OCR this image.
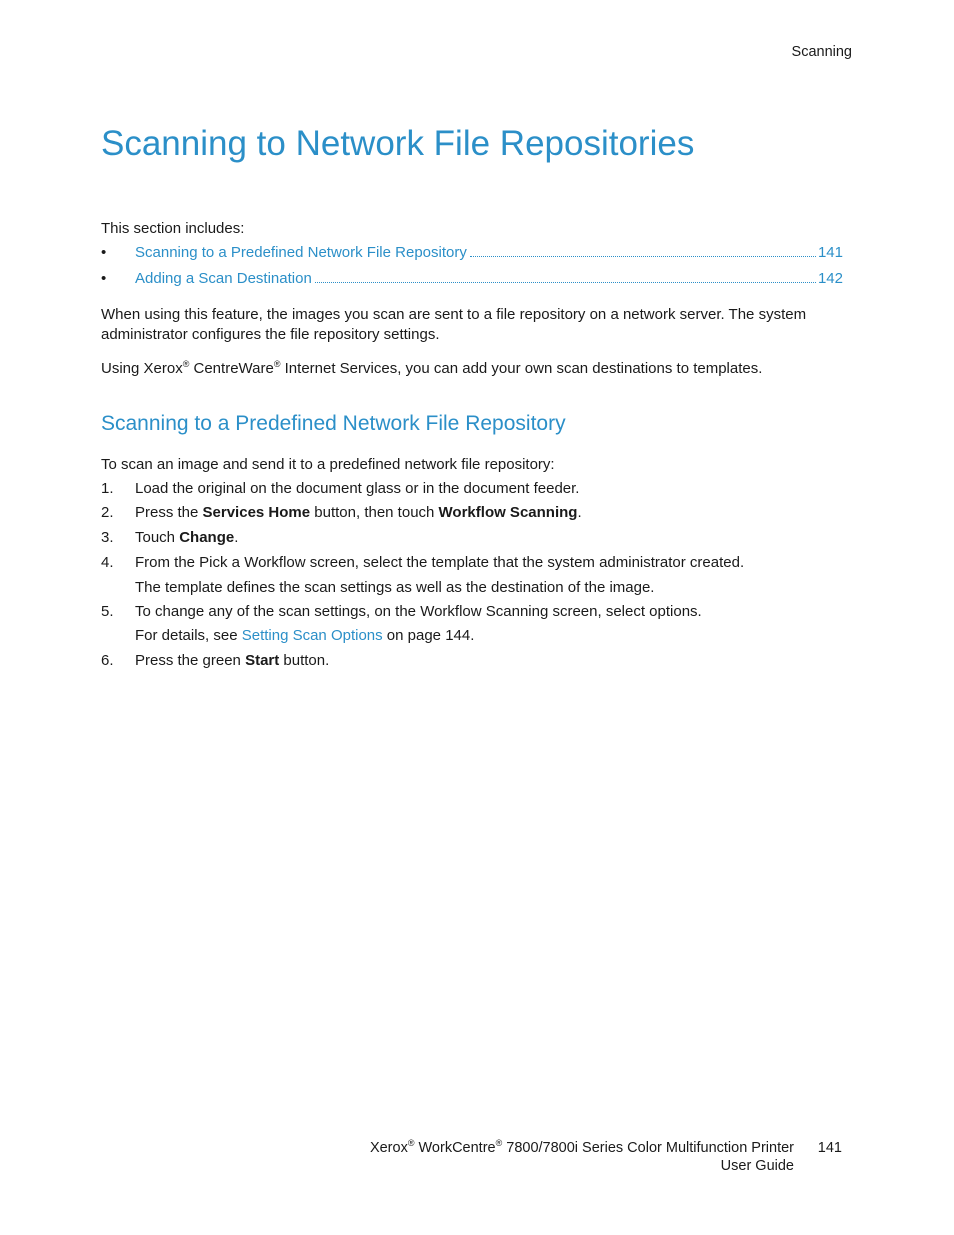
Scanning
Scanning to Network File Repositories

This section includes:

•	Scanning to a Predefined Network File Repository	141
•	Adding a Scan Destination	142

When using this feature, the images you scan are sent to a file repository on a network server. The system administrator configures the file repository settings.

Using Xerox® CentreWare® Internet Services, you can add your own scan destinations to templates.

Scanning to a Predefined Network File Repository

To scan an image and send it to a predefined network file repository:

1. Load the original on the document glass or in the document feeder.
2. Press the Services Home button, then touch Workflow Scanning.
3. Touch Change.
4. From the Pick a Workflow screen, select the template that the system administrator created.
The template defines the scan settings as well as the destination of the image.
5. To change any of the scan settings, on the Workflow Scanning screen, select options.
For details, see Setting Scan Options on page 144.
6. Press the green Start button.
Xerox® WorkCentre® 7800/7800i Series Color Multifunction Printer
User Guide
141
